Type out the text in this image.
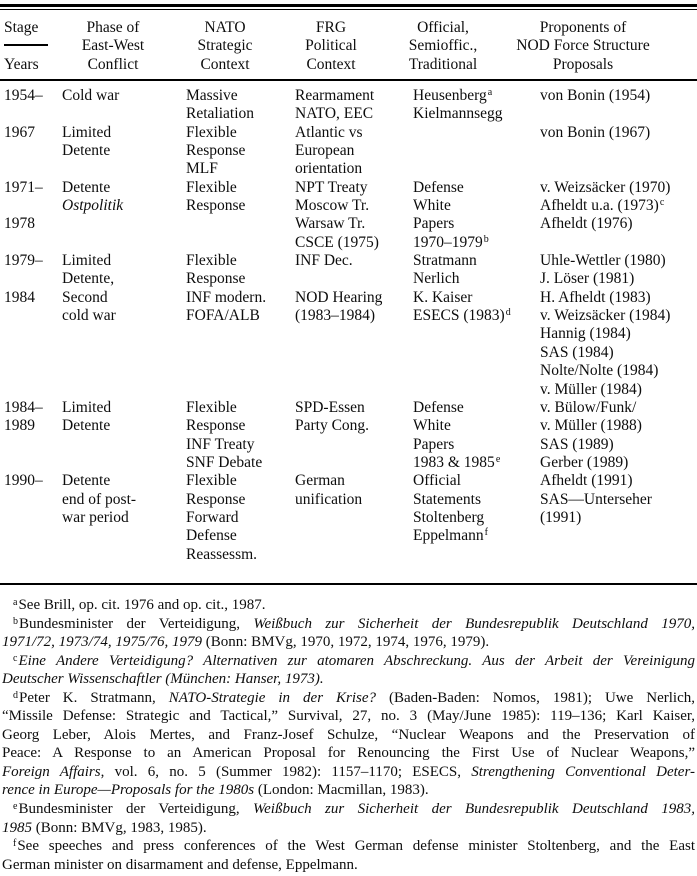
Stage
Years
Phase of
East-West
Conflict
NATO
Strategic
Context
FRG
Political
Context
Official,
Semioffic.,
Traditional
Proponents of
NOD Force Structure
Proposals
1954–
1967
1971–
1978
1979–
1984
1984–
1989
1990–
Cold war
Limited
Detente
Detente
Ostpolitik
Limited
Detente,
Second
cold war
Limited
Detente
Detente
end of post-
war period
Massive
Retaliation
Flexible
Response
MLF
Flexible
Response
Flexible
Response
INF modern.
FOFA/ALB
Flexible
Response
INF Treaty
SNF Debate
Flexible
Response
Forward
Defense
Reassessm.
Rearmament
NATO, EEC
Atlantic vs
European
orientation
NPT Treaty
Moscow Tr.
Warsaw Tr.
CSCE (1975)
INF Dec.
NOD Hearing
(1983–1984)
SPD-Essen
Party Cong.
German
unification
Heusenberg$^a$
Kielmannsegg
Defense
White
Papers
1970–1979$^b$
Stratmann
Nerlich
K. Kaiser
ESECS $(1983)^d$
Defense
White
Papers
1983 & 1985e
Official
Statements
Stoltenberg
Eppelmann$^f$
von Bonin (1954)
von Bonin (1967)
v. Weizsäcker (1970)
Afheldt u.a. $(1973)^c$
Afheldt (1976)
Uhle-Wettler (1980)
J. Löser (1981)
H. Afheldt (1983)
v. Weizsäcker (1984)
Hannig (1984)
SAS (1984)
Nolte/Nolte (1984)
v. Müller (1984)
v. Bülow/Funk/
v. Müller (1988)
SAS (1989)
Gerber (1989)
Afheldt (1991)
SAS—Unterseher
(1991)
$^a$See Brill, op. cit. 1976 and op. cit., 1987.
$^b$Bundesminister der Verteidigung, Weißbuch zur Sicherheit der Bundesrepublik Deutschland 1970,
1971/72, 1973/74, 1975/76, 1979 (Bonn: BMVg, 1970, 1972, 1974, 1976, 1979).
$^c$Eine Andere Verteidigung? Alternativen zur atomaren Abschreckung. Aus der Arbeit der Vereinigung
Deutscher Wissenschaftler (München: Hanser, 1973).
$^d$Peter K. Stratmann, NATO-Strategie in der Krise? (Baden-Baden: Nomos, 1981); Uwe Nerlich,
“Missile Defense: Strategic and Tactical,” Survival, 27, no. 3 (May/June 1985): 119–136; Karl Kaiser,
Georg Leber, Alois Mertes, and Franz-Josef Schulze, “Nuclear Weapons and the Preservation of
Peace: A Response to an American Proposal for Renouncing the First Use of Nuclear Weapons,”
Foreign Affairs, vol. 6, no. 5 (Summer 1982): 1157–1170; ESECS, Strengthening Conventional Deter-
rence in Europe—Proposals for the 1980s (London: Macmillan, 1983).
$^e$Bundesminister der Verteidigung, Weißbuch zur Sicherheit der Bundesrepublik Deutschland 1983,
1985 (Bonn: BMVg, 1983, 1985).
$^f$See speeches and press conferences of the West German defense minister Stoltenberg, and the East
German minister on disarmament and defense, Eppelmann.
